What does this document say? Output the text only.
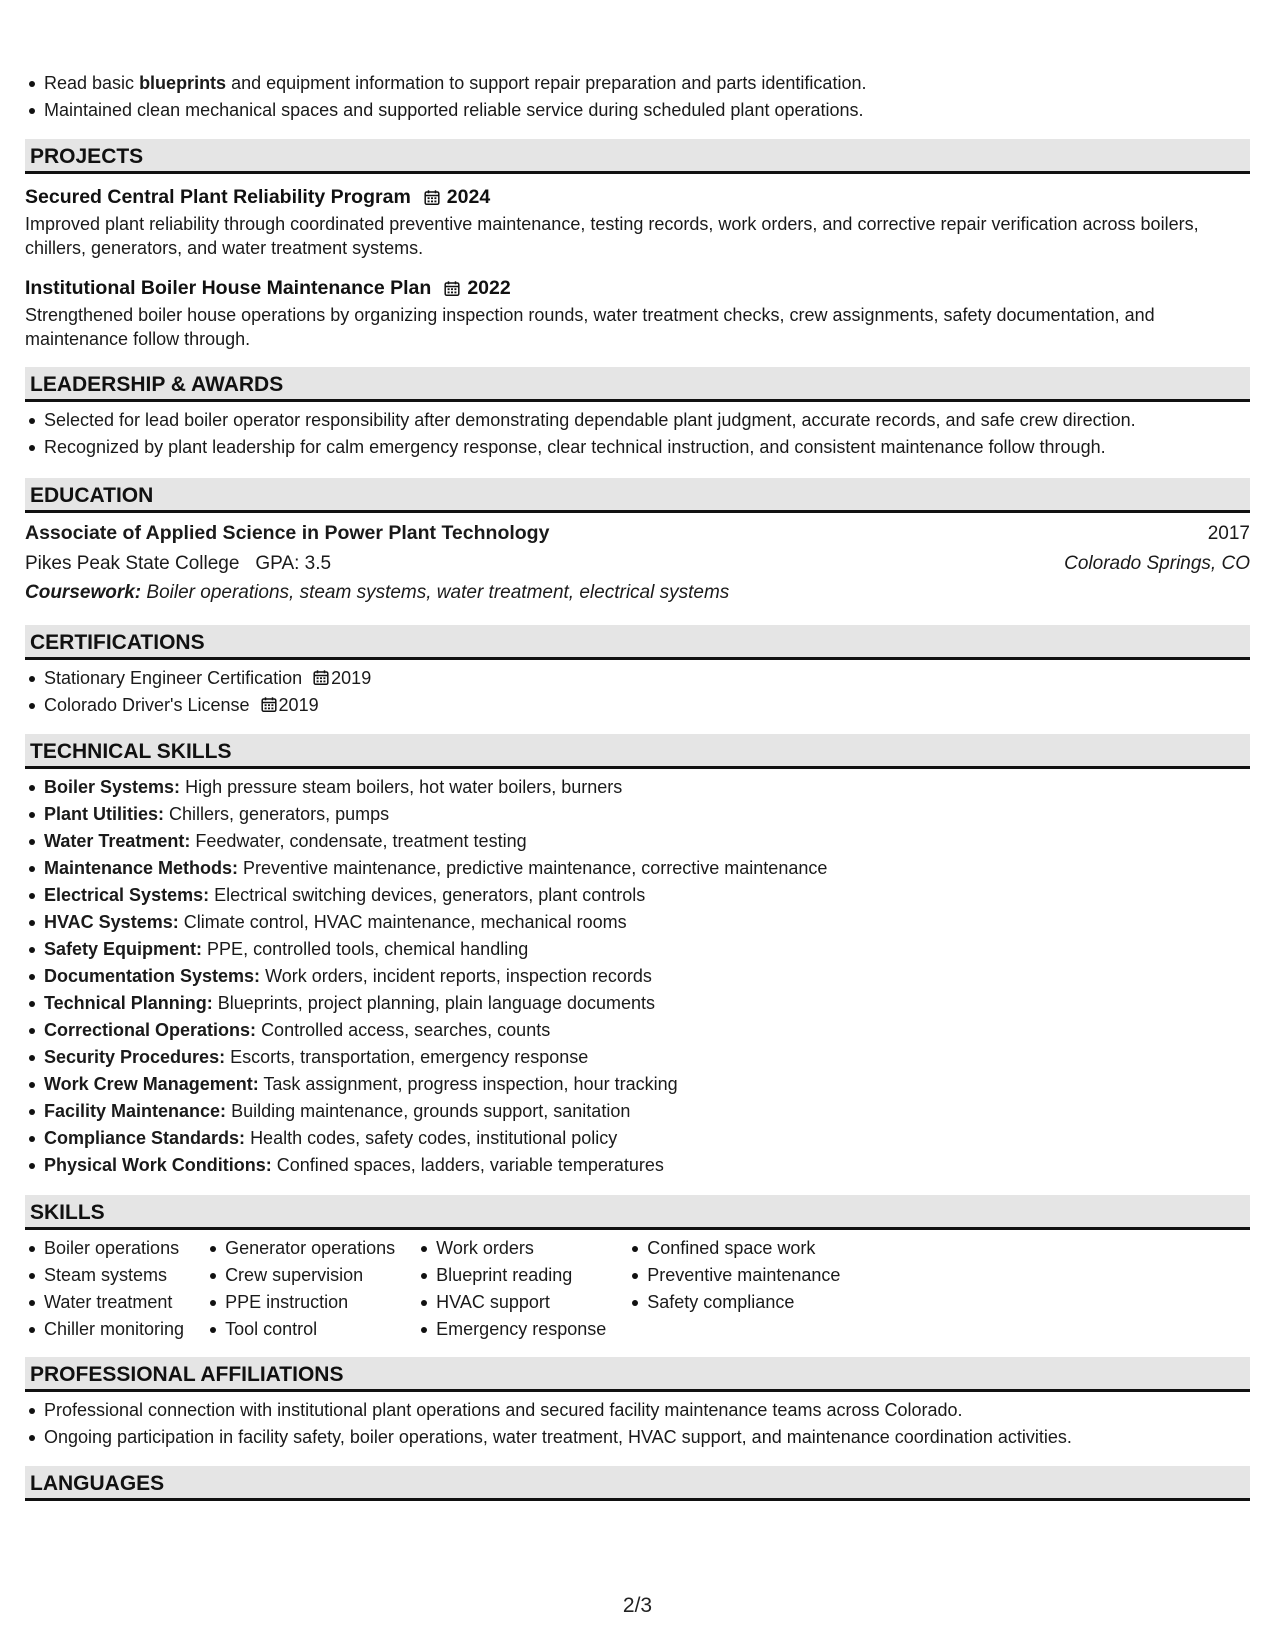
Read basic blueprints and equipment information to support repair preparation and parts identification.
Maintained clean mechanical spaces and supported reliable service during scheduled plant operations.
PROJECTS
Secured Central Plant Reliability Program 2024
Improved plant reliability through coordinated preventive maintenance, testing records, work orders, and corrective repair verification across boilers, chillers, generators, and water treatment systems.
Institutional Boiler House Maintenance Plan 2022
Strengthened boiler house operations by organizing inspection rounds, water treatment checks, crew assignments, safety documentation, and maintenance follow through.
LEADERSHIP & AWARDS
Selected for lead boiler operator responsibility after demonstrating dependable plant judgment, accurate records, and safe crew direction.
Recognized by plant leadership for calm emergency response, clear technical instruction, and consistent maintenance follow through.
EDUCATION
Associate of Applied Science in Power Plant Technology	2017
Pikes Peak State College GPA: 3.5	Colorado Springs, CO
Coursework: Boiler operations, steam systems, water treatment, electrical systems
CERTIFICATIONS
Stationary Engineer Certification 2019
Colorado Driver's License 2019
TECHNICAL SKILLS
Boiler Systems: High pressure steam boilers, hot water boilers, burners
Plant Utilities: Chillers, generators, pumps
Water Treatment: Feedwater, condensate, treatment testing
Maintenance Methods: Preventive maintenance, predictive maintenance, corrective maintenance
Electrical Systems: Electrical switching devices, generators, plant controls
HVAC Systems: Climate control, HVAC maintenance, mechanical rooms
Safety Equipment: PPE, controlled tools, chemical handling
Documentation Systems: Work orders, incident reports, inspection records
Technical Planning: Blueprints, project planning, plain language documents
Correctional Operations: Controlled access, searches, counts
Security Procedures: Escorts, transportation, emergency response
Work Crew Management: Task assignment, progress inspection, hour tracking
Facility Maintenance: Building maintenance, grounds support, sanitation
Compliance Standards: Health codes, safety codes, institutional policy
Physical Work Conditions: Confined spaces, ladders, variable temperatures
SKILLS
Boiler operations
Steam systems
Water treatment
Chiller monitoring
Generator operations
Crew supervision
PPE instruction
Tool control
Work orders
Blueprint reading
HVAC support
Emergency response
Confined space work
Preventive maintenance
Safety compliance
PROFESSIONAL AFFILIATIONS
Professional connection with institutional plant operations and secured facility maintenance teams across Colorado.
Ongoing participation in facility safety, boiler operations, water treatment, HVAC support, and maintenance coordination activities.
LANGUAGES
2/3
